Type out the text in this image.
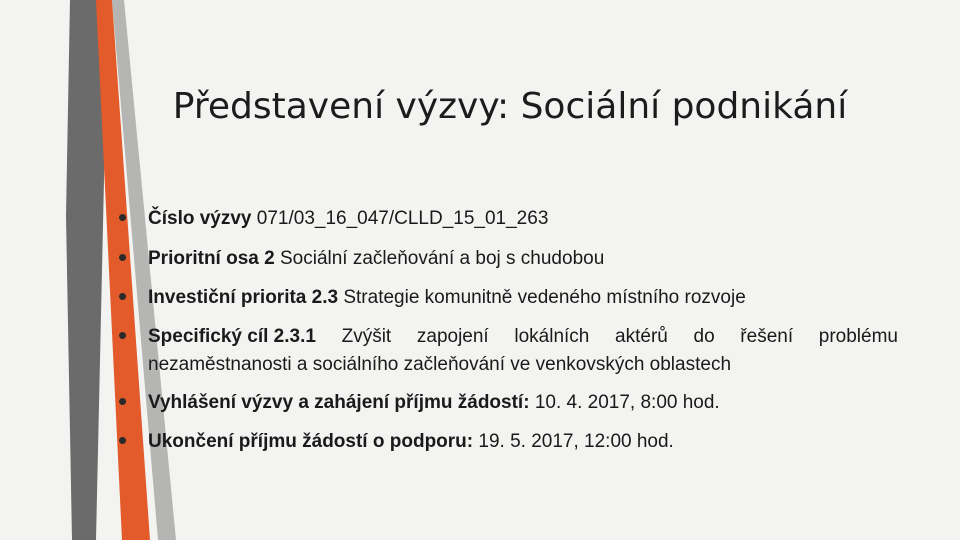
Představení výzvy: Sociální podnikání
• Číslo výzvy 071/03_16_047/CLLD_15_01_263
• Prioritní osa 2 Sociální začleňování a boj s chudobou
• Investiční priorita 2.3 Strategie komunitně vedeného místního rozvoje
• Specifický cíl 2.3.1 Zvýšit zapojení lokálních aktérů do řešení problému
nezaměstnanosti a sociálního začleňování ve venkovských oblastech
• Vyhlášení výzvy a zahájení příjmu žádostí: 10. 4. 2017, 8:00 hod.
• Ukončení příjmu žádostí o podporu: 19. 5. 2017, 12:00 hod.
